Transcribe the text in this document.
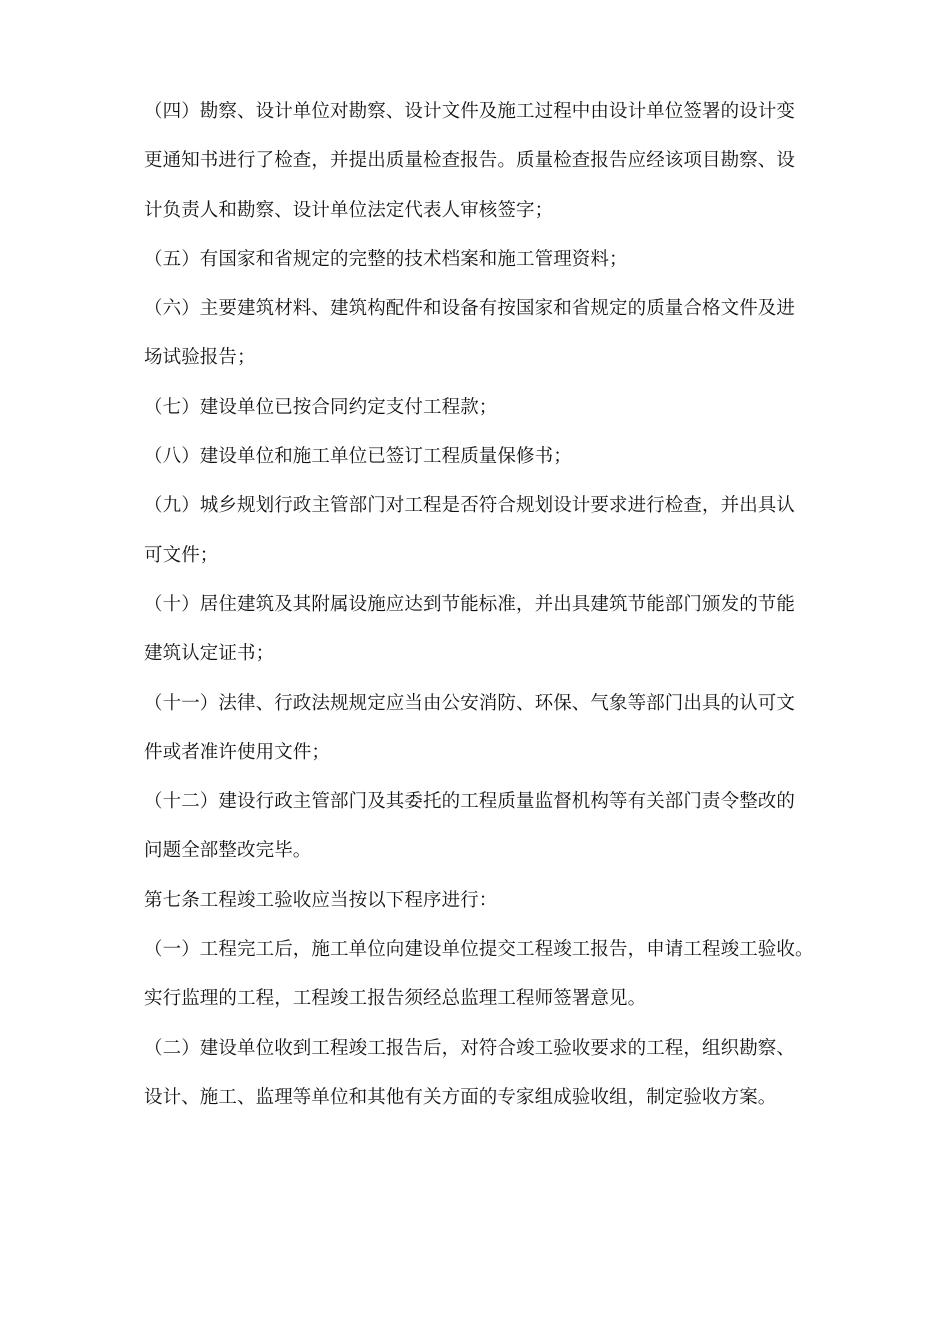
（四）勘察、设计单位对勘察、设计文件及施工过程中由设计单位签署的设计变
更通知书进行了检查，并提出质量检查报告。质量检查报告应经该项目勘察、设
计负责人和勘察、设计单位法定代表人审核签字；
（五）有国家和省规定的完整的技术档案和施工管理资料；
（六）主要建筑材料、建筑构配件和设备有按国家和省规定的质量合格文件及进
场试验报告；
（七）建设单位已按合同约定支付工程款；
（八）建设单位和施工单位已签订工程质量保修书；
（九）城乡规划行政主管部门对工程是否符合规划设计要求进行检查，并出具认
可文件；
（十）居住建筑及其附属设施应达到节能标准，并出具建筑节能部门颁发的节能
建筑认定证书；
（十一）法律、行政法规规定应当由公安消防、环保、气象等部门出具的认可文
件或者准许使用文件；
（十二）建设行政主管部门及其委托的工程质量监督机构等有关部门责令整改的
问题全部整改完毕。
第七条工程竣工验收应当按以下程序进行：
（一）工程完工后，施工单位向建设单位提交工程竣工报告，申请工程竣工验收。
实行监理的工程，工程竣工报告须经总监理工程师签署意见。
（二）建设单位收到工程竣工报告后，对符合竣工验收要求的工程，组织勘察、
设计、施工、监理等单位和其他有关方面的专家组成验收组，制定验收方案。
